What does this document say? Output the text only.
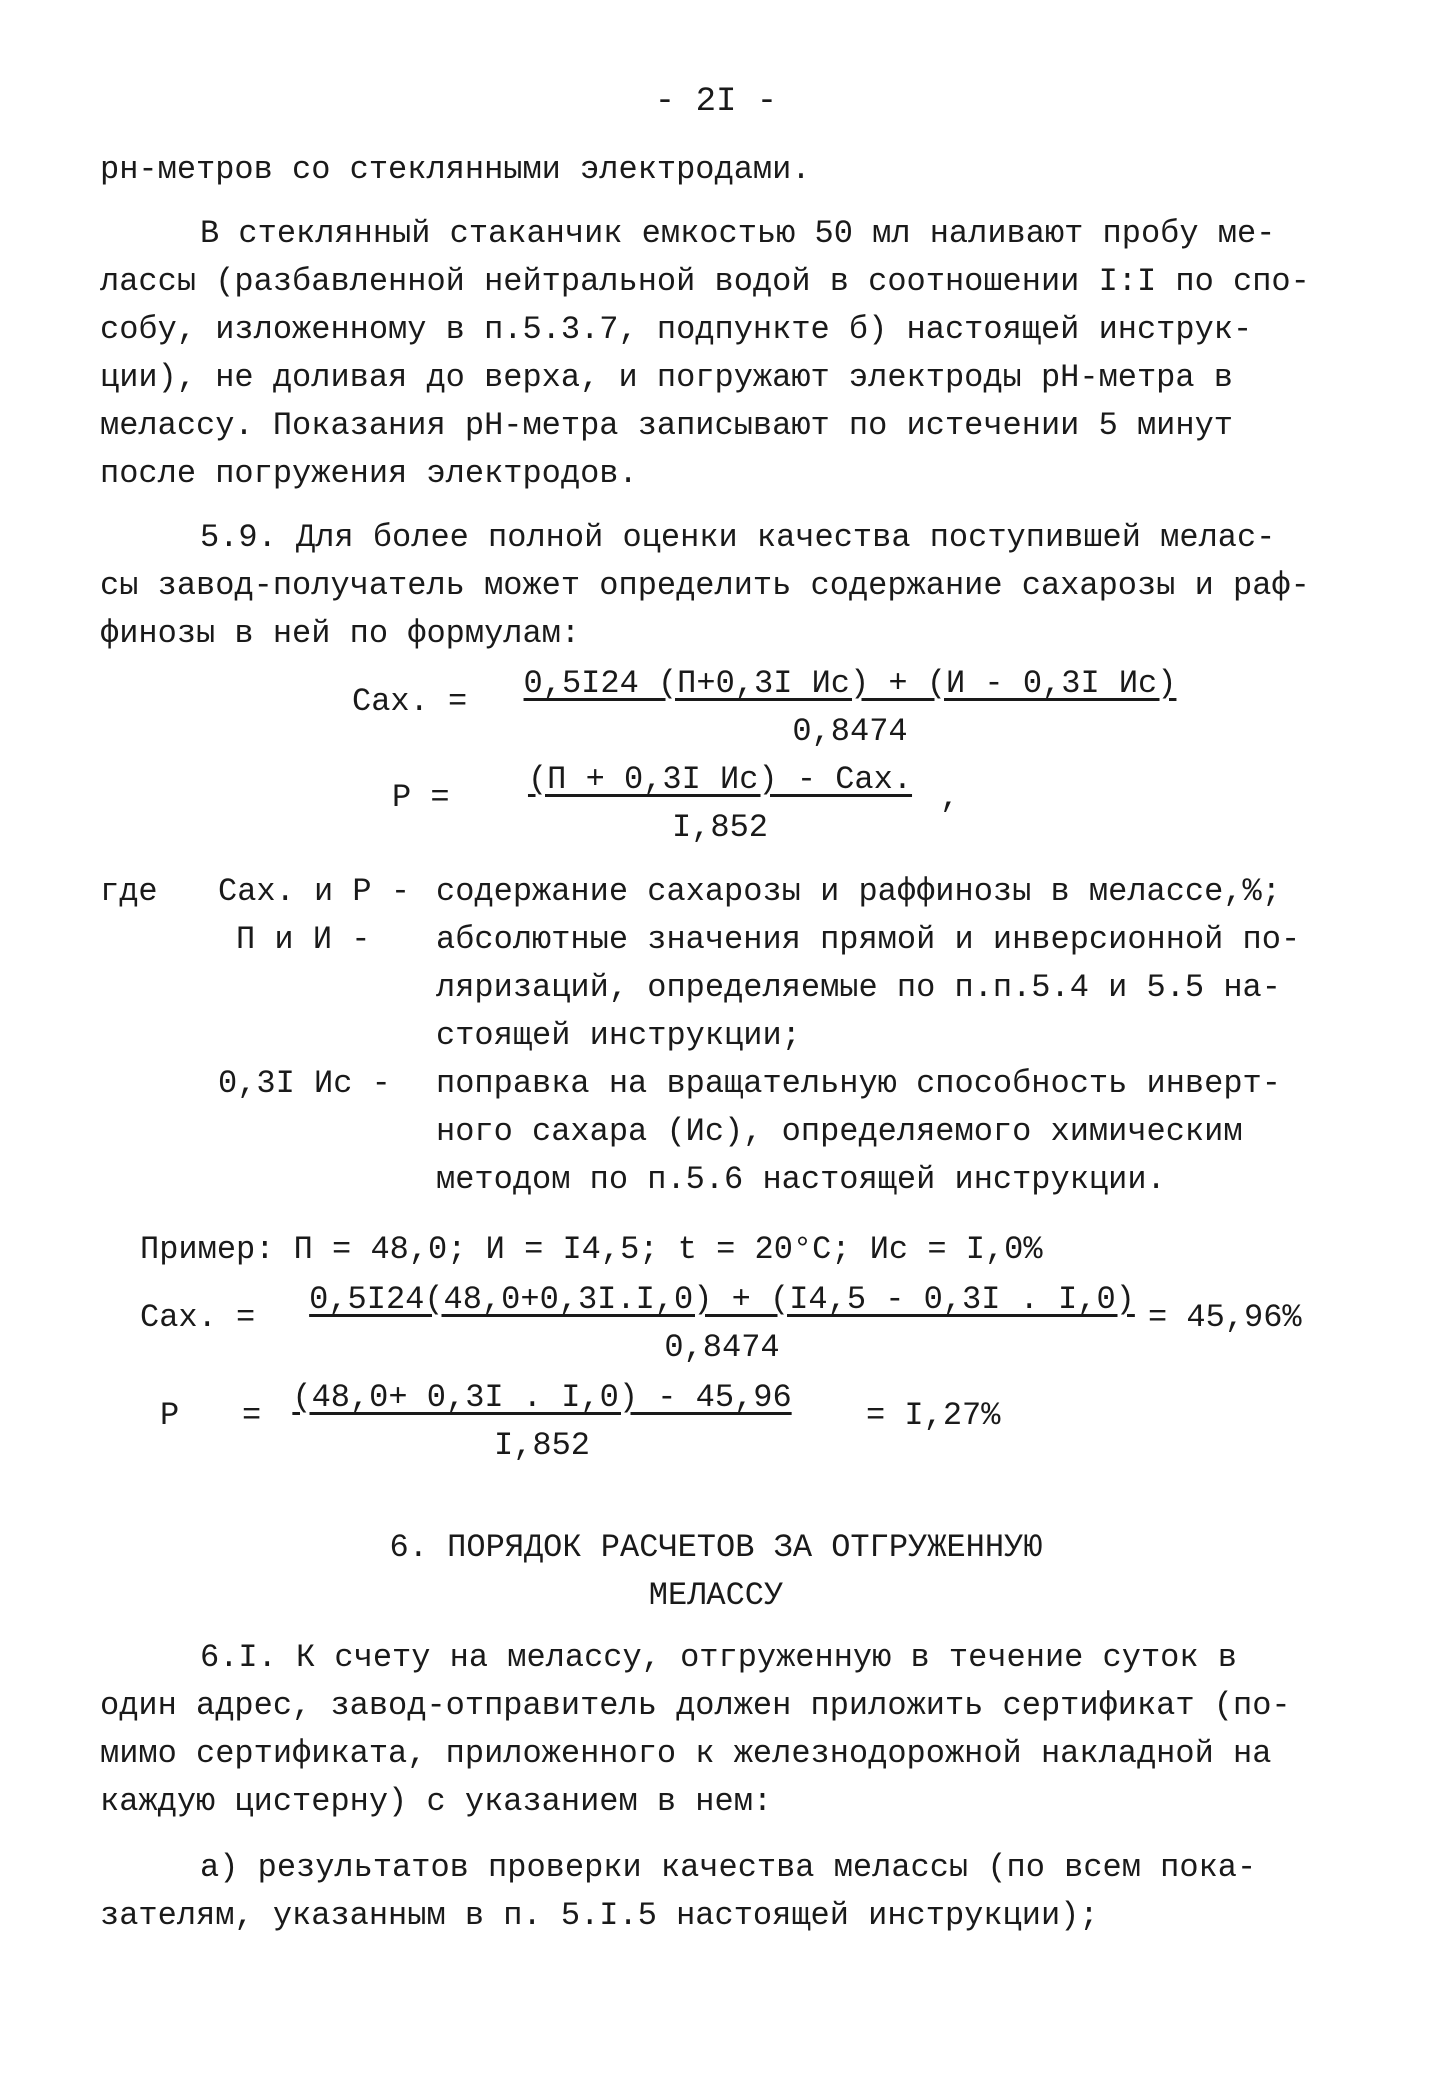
- 2I -
рн-метров со стеклянными электродами.
В стеклянный стаканчик емкостью 50 мл наливают пробу ме-
лассы (разбавленной нейтральной водой в соотношении I:I по спо-
собу, изложенному в п.5.3.7, подпункте б) настоящей инструк-
ции), не доливая до верха, и погружают электроды pH-метра в
мелассу. Показания pH-метра записывают по истечении 5 минут
после погружения электродов.
5.9. Для более полной оценки качества поступившей мелас-
сы завод-получатель может определить содержание сахарозы и раф-
финозы в ней по формулам:
Сах. =	0,5I24 (П+0,3I Ис) + (И - 0,3I Ис)
0,8474
P =	(П + 0,3I Ис) - Сах.
I,852
,
где Сах. и Р - содержание сахарозы и раффинозы в мелассе,%;
П и И - абсолютные значения прямой и инверсионной по-
ляризаций, определяемые по п.п.5.4 и 5.5 на-
стоящей инструкции;
0,3I Ис - поправка на вращательную способность инверт-
ного сахара (Ис), определяемого химическим
методом по п.5.6 настоящей инструкции.
Пример: П = 48,0; И = I4,5; t = 20°C; Ис = I,0%
Сах. = $\frac{0,5I24(48,0+0,3I.I,0) + (I4,5 - 0,3I . I,0)}{0,8474}$
= 45,96%
$P = \frac{(48,0+ 0,3I . I,0) - 45,96}{I,852} = I,27\%$
6. ПОРЯДОК РАСЧЕТОВ ЗА ОТГРУЖЕННУЮ
МЕЛАССУ
6.I. К счету на мелассу, отгруженную в течение суток в
один адрес, завод-отправитель должен приложить сертификат (по-
мимо сертификата, приложенного к железнодорожной накладной на
каждую цистерну) с указанием в нем:
а) результатов проверки качества мелассы (по всем пока-
зателям, указанным в п. 5.I.5 настоящей инструкции);
